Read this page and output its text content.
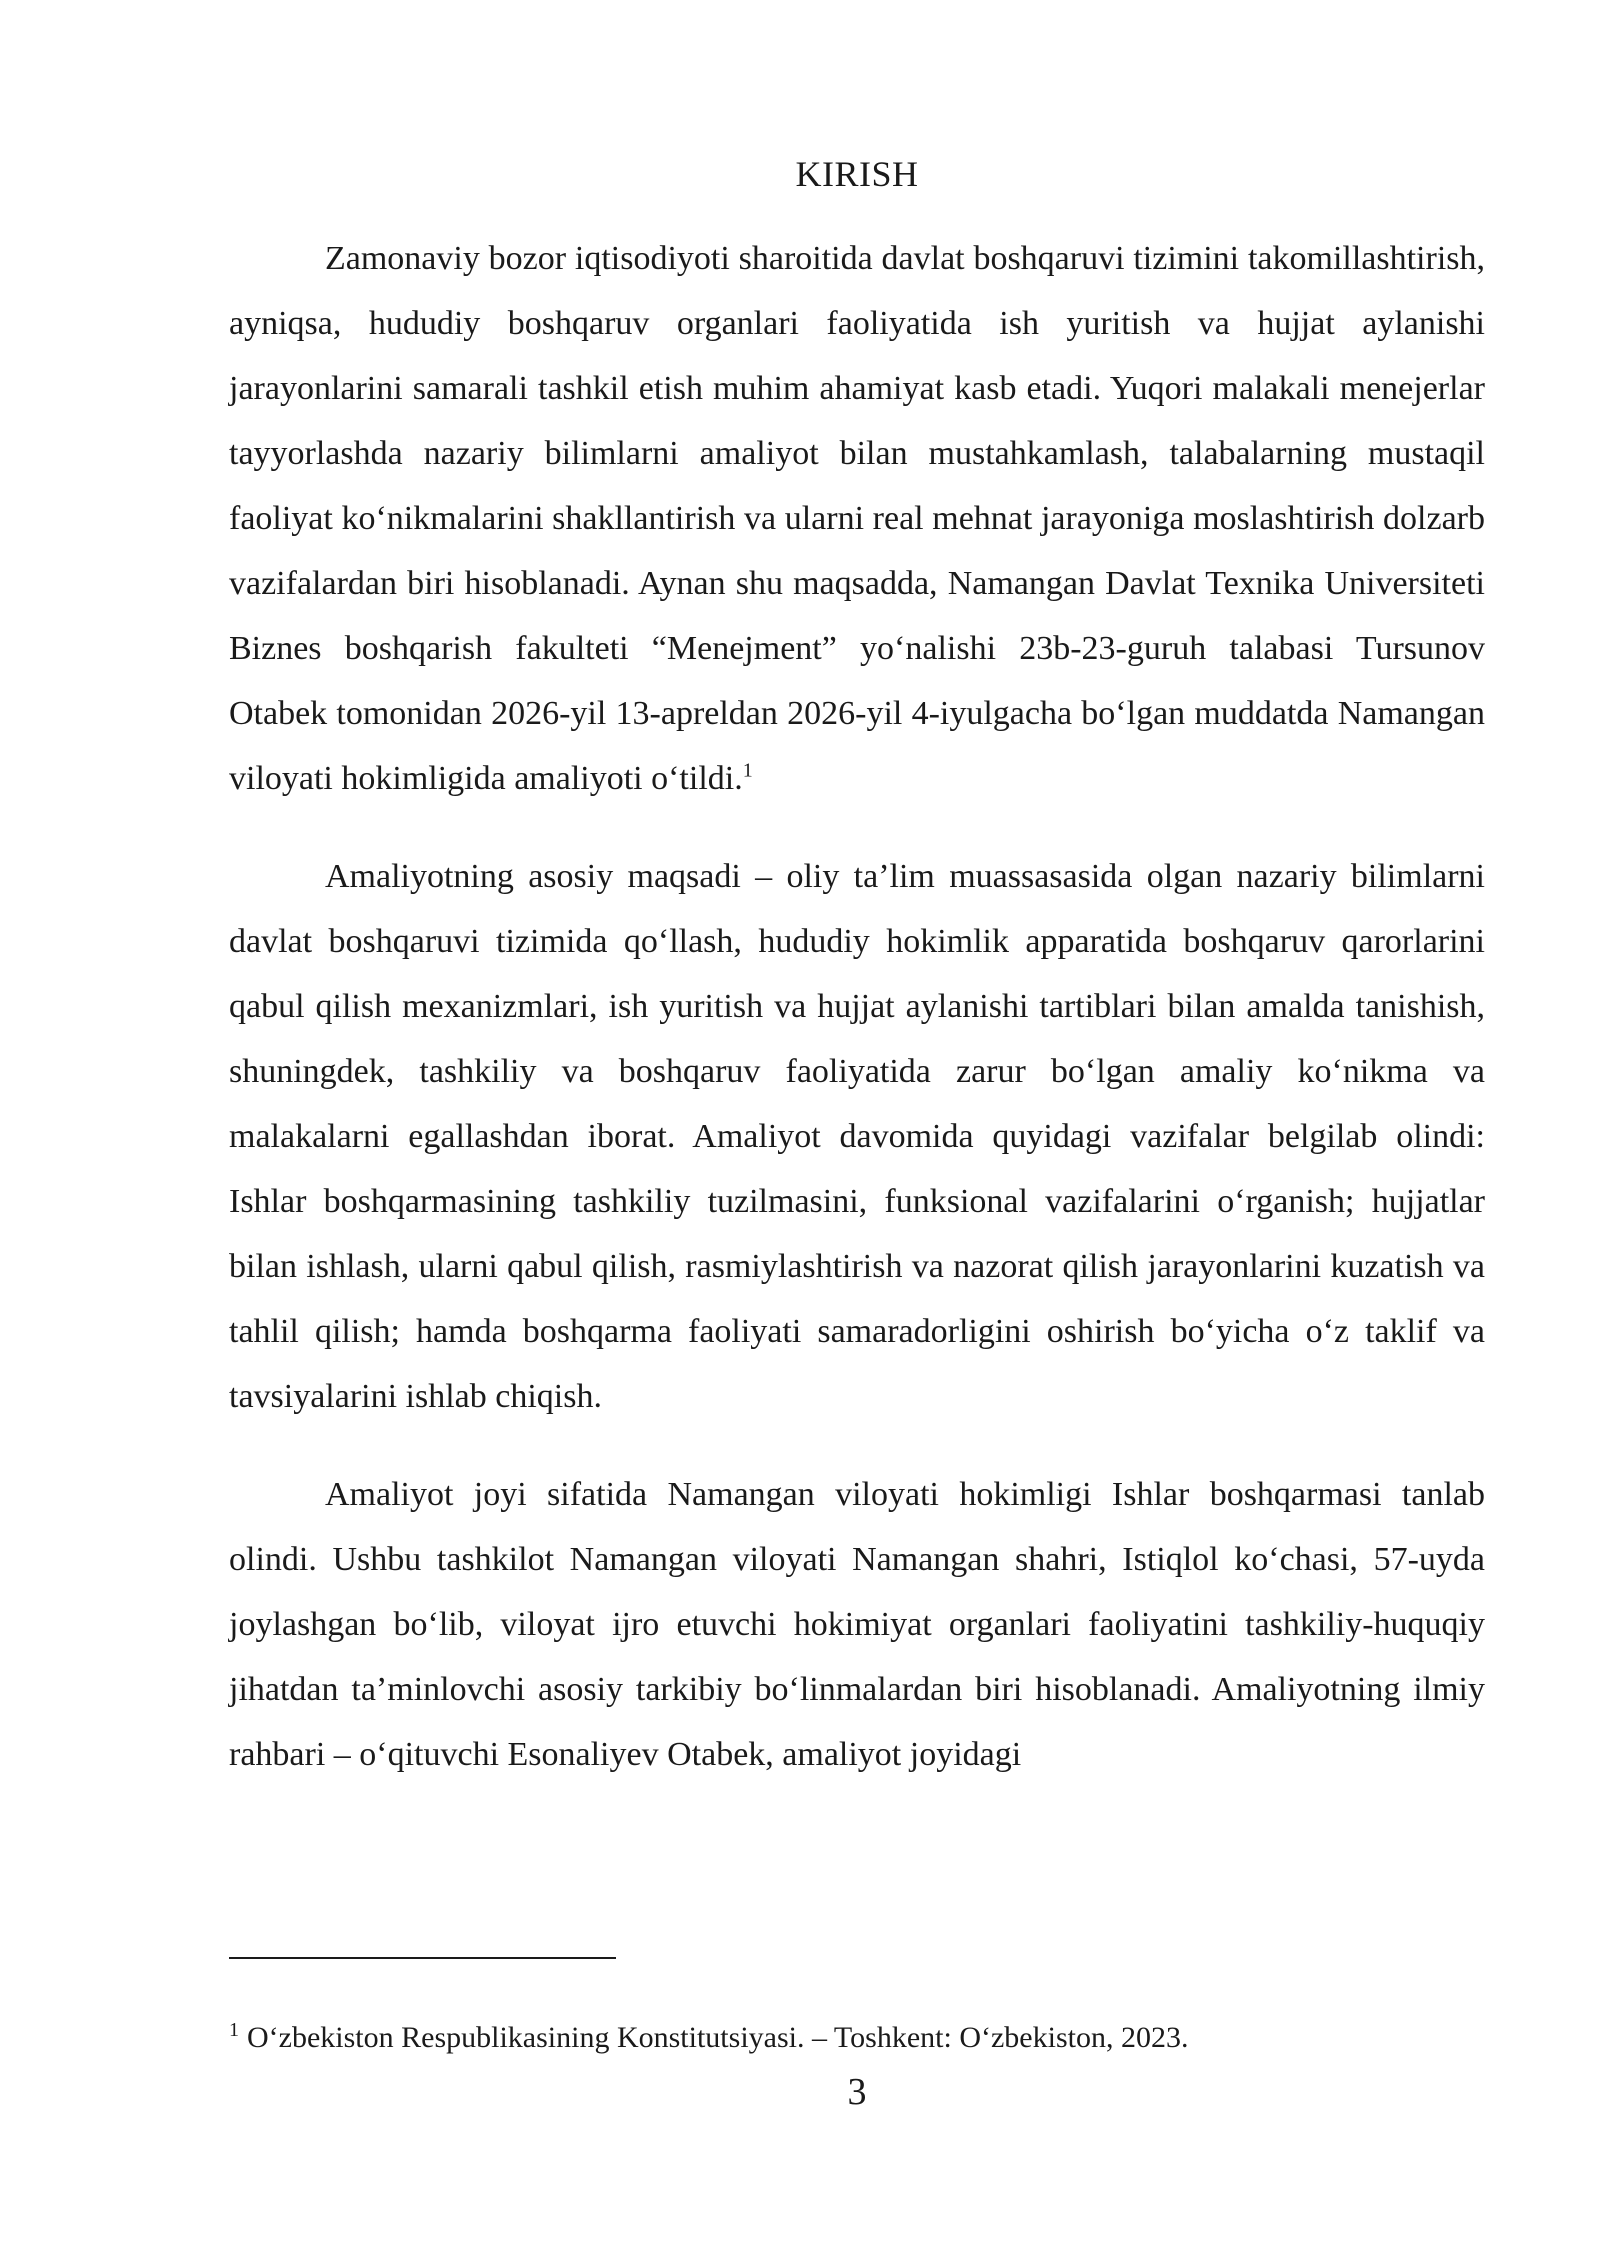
KIRISH

Zamonaviy bozor iqtisodiyoti sharoitida davlat boshqaruvi tizimini takomillashtirish, ayniqsa, hududiy boshqaruv organlari faoliyatida ish yuritish va hujjat aylanishi jarayonlarini samarali tashkil etish muhim ahamiyat kasb etadi. Yuqori malakali menejerlar tayyorlashda nazariy bilimlarni amaliyot bilan mustahkamlash, talabalarning mustaqil faoliyat ko‘nikmalarini shakllantirish va ularni real mehnat jarayoniga moslashtirish dolzarb vazifalardan biri hisoblanadi. Aynan shu maqsadda, Namangan Davlat Texnika Universiteti Biznes boshqarish fakulteti “Menejment” yo‘nalishi 23b-23-guruh talabasi Tursunov Otabek tomonidan 2026-yil 13-apreldan 2026-yil 4-iyulgacha bo‘lgan muddatda Namangan viloyati hokimligida amaliyoti o‘tildi.$^1$

Amaliyotning asosiy maqsadi – oliy ta’lim muassasasida olgan nazariy bilimlarni davlat boshqaruvi tizimida qo‘llash, hududiy hokimlik apparatida boshqaruv qarorlarini qabul qilish mexanizmlari, ish yuritish va hujjat aylanishi tartiblari bilan amalda tanishish, shuningdek, tashkiliy va boshqaruv faoliyatida zarur bo‘lgan amaliy ko‘nikma va malakalarni egallashdan iborat. Amaliyot davomida quyidagi vazifalar belgilab olindi: Ishlar boshqarmasining tashkiliy tuzilmasini, funksional vazifalarini o‘rganish; hujjatlar bilan ishlash, ularni qabul qilish, rasmiylashtirish va nazorat qilish jarayonlarini kuzatish va tahlil qilish; hamda boshqarma faoliyati samaradorligini oshirish bo‘yicha o‘z taklif va tavsiyalarini ishlab chiqish.

Amaliyot joyi sifatida Namangan viloyati hokimligi Ishlar boshqarmasi tanlab olindi. Ushbu tashkilot Namangan viloyati Namangan shahri, Istiqlol ko‘chasi, 57-uyda joylashgan bo‘lib, viloyat ijro etuvchi hokimiyat organlari faoliyatini tashkiliy-huquqiy jihatdan ta’minlovchi asosiy tarkibiy bo‘linmalardan biri hisoblanadi. Amaliyotning ilmiy rahbari – o‘qituvchi Esonaliyev Otabek, amaliyot joyidagi

$^1$ O‘zbekiston Respublikasining Konstitutsiyasi. – Toshkent: O‘zbekiston, 2023.
3
